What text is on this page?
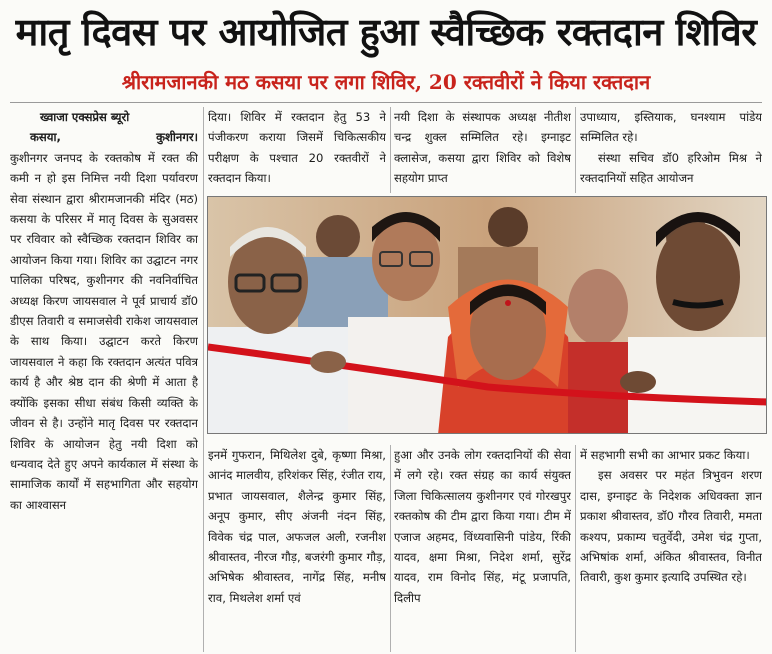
मातृ दिवस पर आयोजित हुआ स्वैच्छिक रक्तदान शिविर
श्रीरामजानकी मठ कसया पर लगा शिविर, 20 रक्तवीरों ने किया रक्तदान
ख्वाजा एक्सप्रेस ब्यूरो
कसया,	कुशीनगर।

कुशीनगर जनपद के रक्तकोष में रक्त की कमी न हो इस निमित्त नयी दिशा पर्यावरण सेवा संस्थान द्वारा श्रीरामजानकी मंदिर (मठ) कसया के परिसर में मातृ दिवस के सुअवसर पर रविवार को स्वैच्छिक रक्तदान शिविर का आयोजन किया गया। शिविर का उद्घाटन नगर पालिका परिषद, कुशीनगर की नवनिर्वाचित अध्यक्ष किरण जायसवाल ने पूर्व प्राचार्य डॉ0 डीएस तिवारी व समाजसेवी राकेश जायसवाल के साथ किया। उद्घाटन करते किरण जायसवाल ने कहा कि रक्तदान अत्यंत पवित्र कार्य है और श्रेष्ठ दान की श्रेणी में आता है क्योंकि इसका सीधा संबंध किसी व्यक्ति के जीवन से है। उन्होंने मातृ दिवस पर रक्तदान शिविर के आयोजन हेतु नयी दिशा को धन्यवाद देते हुए अपने कार्यकाल में संस्था के सामाजिक कार्यों में सहभागिता और सहयोग का आश्वासन

दिया। शिविर में रक्तदान हेतु 53 ने पंजीकरण कराया जिसमें चिकित्सकीय परीक्षण के पश्चात 20 रक्तवीरों ने रक्तदान किया।

नयी दिशा के संस्थापक अध्यक्ष नीतीश चन्द्र शुक्ल सम्मिलित रहे। इग्नाइट क्लासेज, कसया द्वारा शिविर को विशेष सहयोग प्राप्त

उपाध्याय, इस्तियाक, घनश्याम पांडेय सम्मिलित रहे।

संस्था सचिव डॉ0 हरिओम मिश्र ने रक्तदानियों सहित आयोजन

इनमें गुफरान, मिथिलेश दुबे, कृष्णा मिश्रा, आनंद मालवीय, हरिशंकर सिंह, रंजीत राय, प्रभात जायसवाल, शैलेन्द्र कुमार सिंह, अनूप कुमार, सीए अंजनी नंदन सिंह, विवेक चंद्र पाल, अफजल अली, रजनीश श्रीवास्तव, नीरज गौड़, बजरंगी कुमार गौड़, अभिषेक श्रीवास्तव, नागेंद्र सिंह, मनीष राव, मिथलेश शर्मा एवं

हुआ और उनके लोग रक्तदानियों की सेवा में लगे रहे। रक्त संग्रह का कार्य संयुक्त जिला चिकित्सालय कुशीनगर एवं गोरखपुर रक्तकोष की टीम द्वारा किया गया। टीम में एजाज अहमद, विंध्यवासिनी पांडेय, रिंकी यादव, क्षमा मिश्रा, निदेश शर्मा, सुरेंद्र यादव, राम विनोद सिंह, मंटू प्रजापति, दिलीप

में सहभागी सभी का आभार प्रकट किया।

इस अवसर पर महंत त्रिभुवन शरण दास, इग्नाइट के निदेशक अधिवक्ता ज्ञान प्रकाश श्रीवास्तव, डॉ0 गौरव तिवारी, ममता कश्यप, प्रकाम्य चतुर्वेदी, उमेश चंद्र गुप्ता, अभिषांक शर्मा, अंकित श्रीवास्तव, विनीत तिवारी, कुश कुमार इत्यादि उपस्थित रहे।
